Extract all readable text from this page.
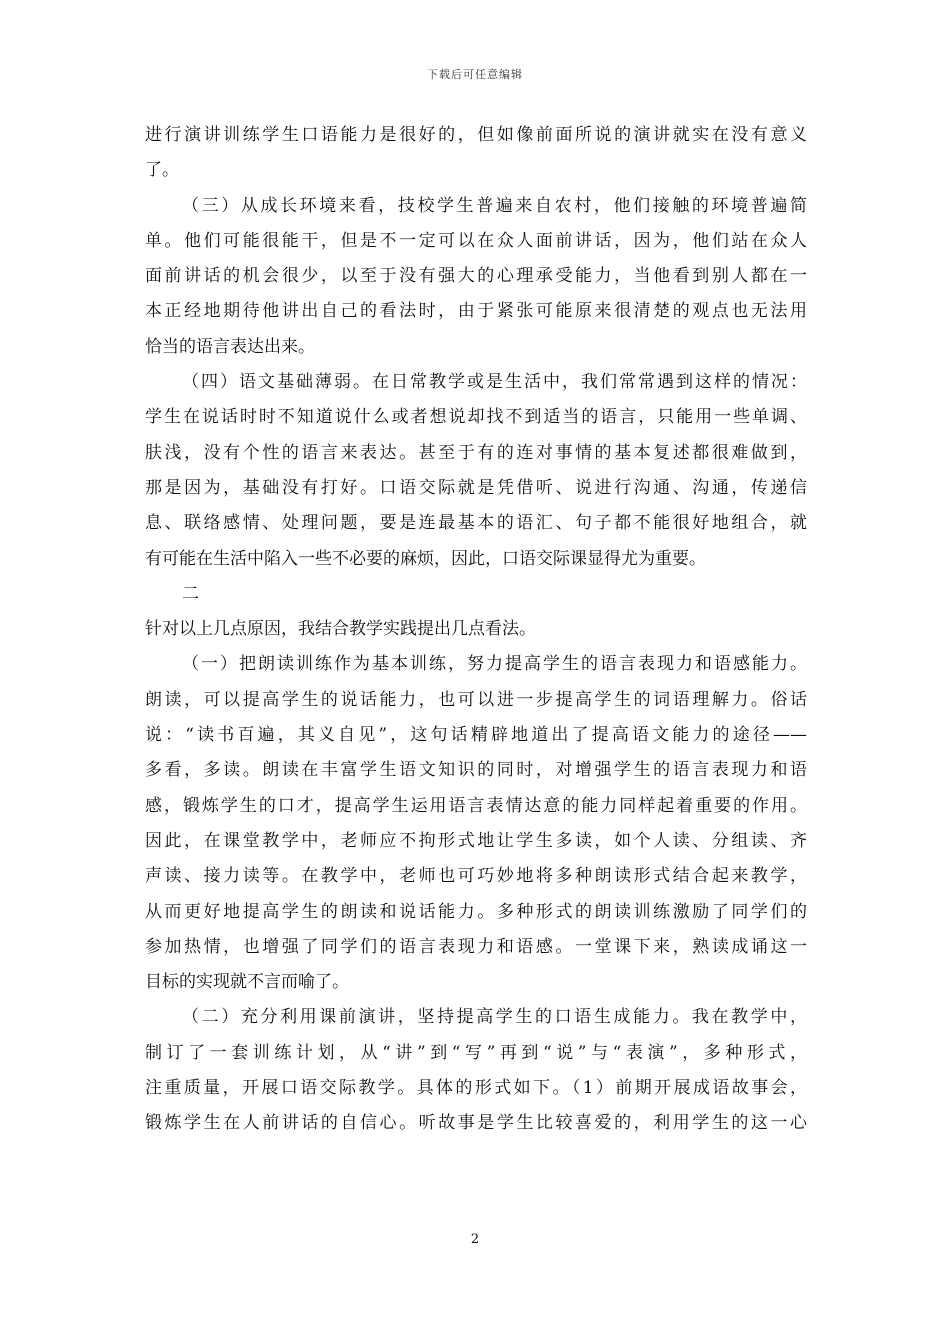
下载后可任意编辑
进行演讲训练学生口语能力是很好的，但如像前面所说的演讲就实在没有意义
了。
（三）从成长环境来看，技校学生普遍来自农村，他们接触的环境普遍简
单。他们可能很能干，但是不一定可以在众人面前讲话，因为，他们站在众人
面前讲话的机会很少，以至于没有强大的心理承受能力，当他看到别人都在一
本正经地期待他讲出自己的看法时，由于紧张可能原来很清楚的观点也无法用
恰当的语言表达出来。
（四）语文基础薄弱。在日常教学或是生活中，我们常常遇到这样的情况：
学生在说话时时不知道说什么或者想说却找不到适当的语言，只能用一些单调、
肤浅，没有个性的语言来表达。甚至于有的连对事情的基本复述都很难做到，
那是因为，基础没有打好。口语交际就是凭借听、说进行沟通、沟通，传递信
息、联络感情、处理问题，要是连最基本的语汇、句子都不能很好地组合，就
有可能在生活中陷入一些不必要的麻烦，因此，口语交际课显得尤为重要。
二
针对以上几点原因，我结合教学实践提出几点看法。
（一）把朗读训练作为基本训练，努力提高学生的语言表现力和语感能力。
朗读，可以提高学生的说话能力，也可以进一步提高学生的词语理解力。俗话
说：“读书百遍，其义自见”，这句话精辟地道出了提高语文能力的途径——
多看，多读。朗读在丰富学生语文知识的同时，对增强学生的语言表现力和语
感，锻炼学生的口才，提高学生运用语言表情达意的能力同样起着重要的作用。
因此，在课堂教学中，老师应不拘形式地让学生多读，如个人读、分组读、齐
声读、接力读等。在教学中，老师也可巧妙地将多种朗读形式结合起来教学，
从而更好地提高学生的朗读和说话能力。多种形式的朗读训练激励了同学们的
参加热情，也增强了同学们的语言表现力和语感。一堂课下来，熟读成诵这一
目标的实现就不言而喻了。
（二）充分利用课前演讲，坚持提高学生的口语生成能力。我在教学中，
制订了一套训练计划，从“讲”到“写”再到“说”与“表演”，多种形式，
注重质量，开展口语交际教学。具体的形式如下。（1）前期开展成语故事会，
锻炼学生在人前讲话的自信心。听故事是学生比较喜爱的，利用学生的这一心
2
